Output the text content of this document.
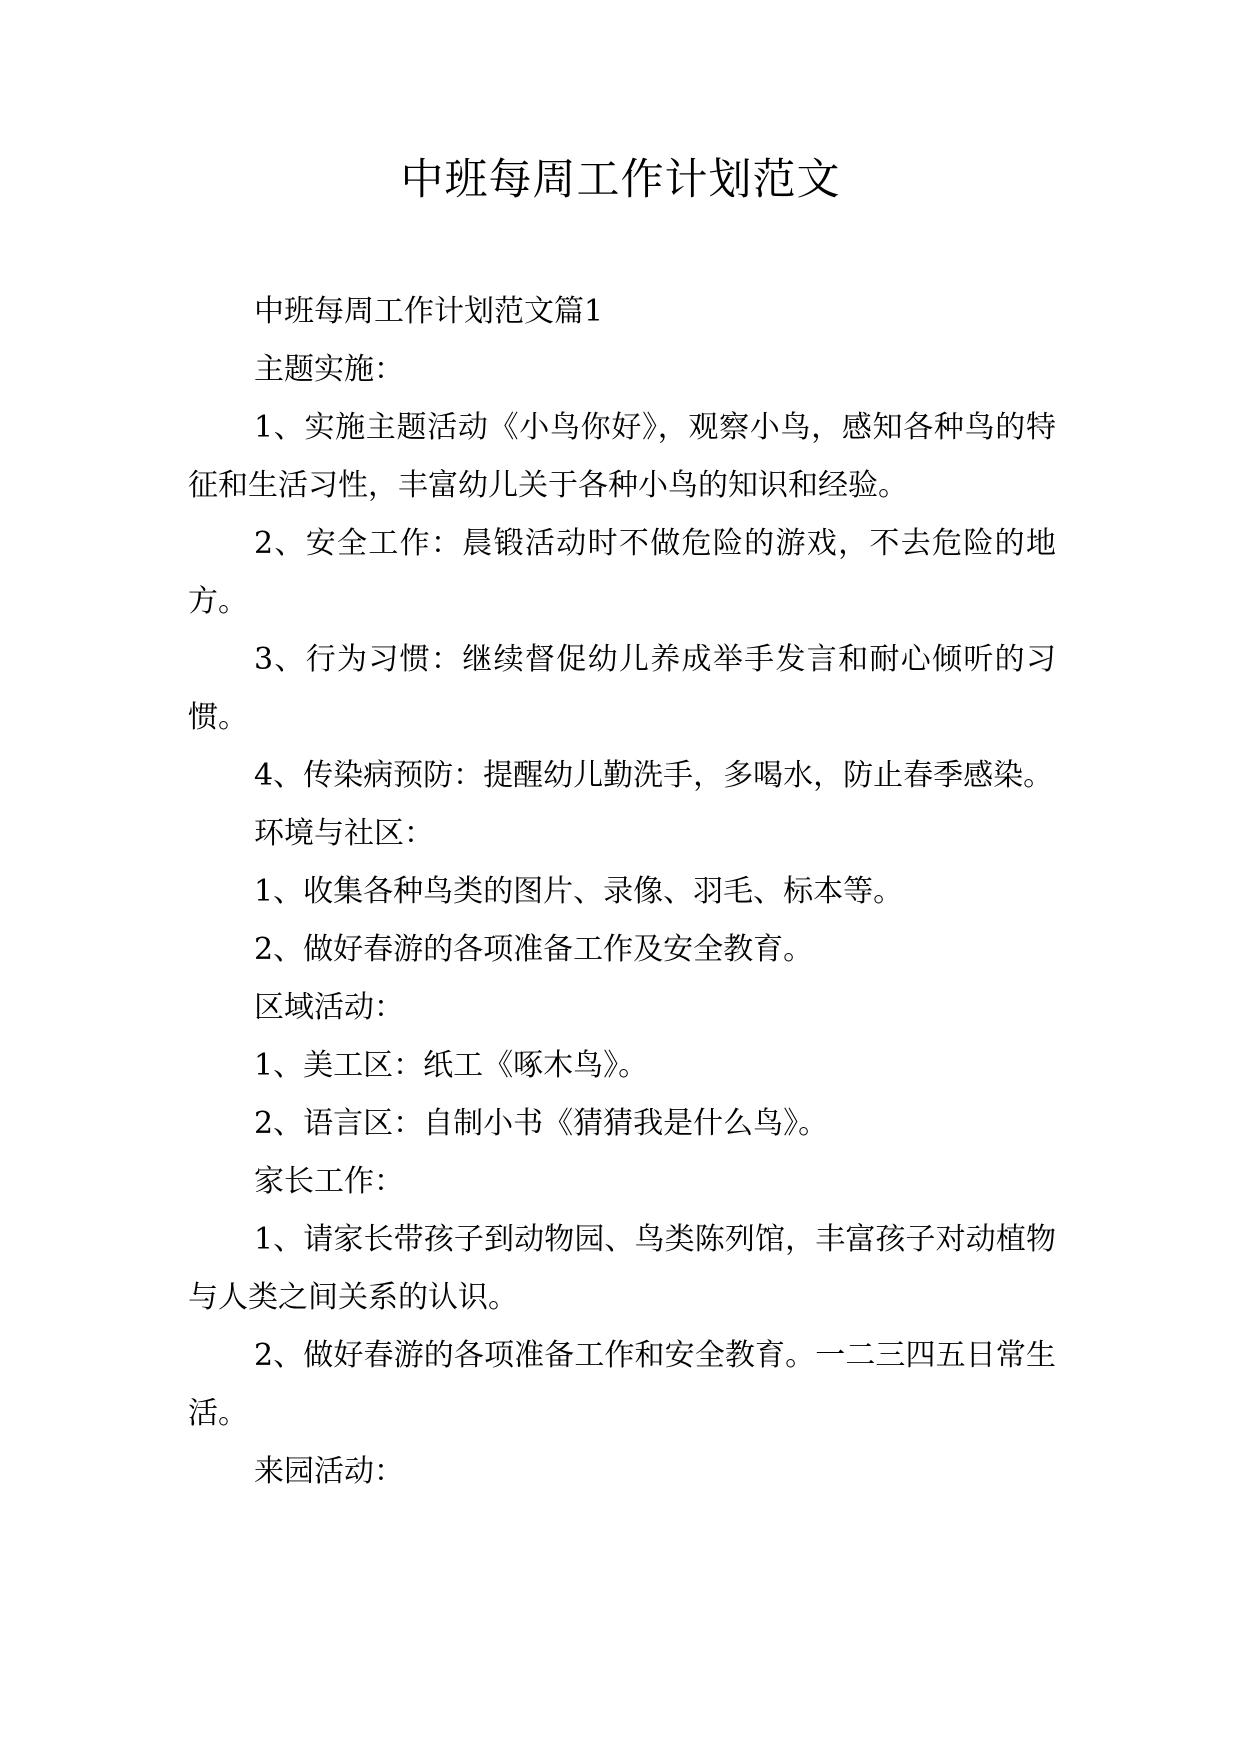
中班每周工作计划范文

中班每周工作计划范文篇1

主题实施：

1、实施主题活动《小鸟你好》，观察小鸟，感知各种鸟的特征和生活习性，丰富幼儿关于各种小鸟的知识和经验。

2、安全工作：晨锻活动时不做危险的游戏，不去危险的地方。

3、行为习惯：继续督促幼儿养成举手发言和耐心倾听的习惯。

4、传染病预防：提醒幼儿勤洗手，多喝水，防止春季感染。

环境与社区：

1、收集各种鸟类的图片、录像、羽毛、标本等。

2、做好春游的各项准备工作及安全教育。

区域活动：

1、美工区：纸工《啄木鸟》。

2、语言区：自制小书《猜猜我是什么鸟》。

家长工作：

1、请家长带孩子到动物园、鸟类陈列馆，丰富孩子对动植物与人类之间关系的认识。

2、做好春游的各项准备工作和安全教育。一二三四五日常生活。

来园活动：
